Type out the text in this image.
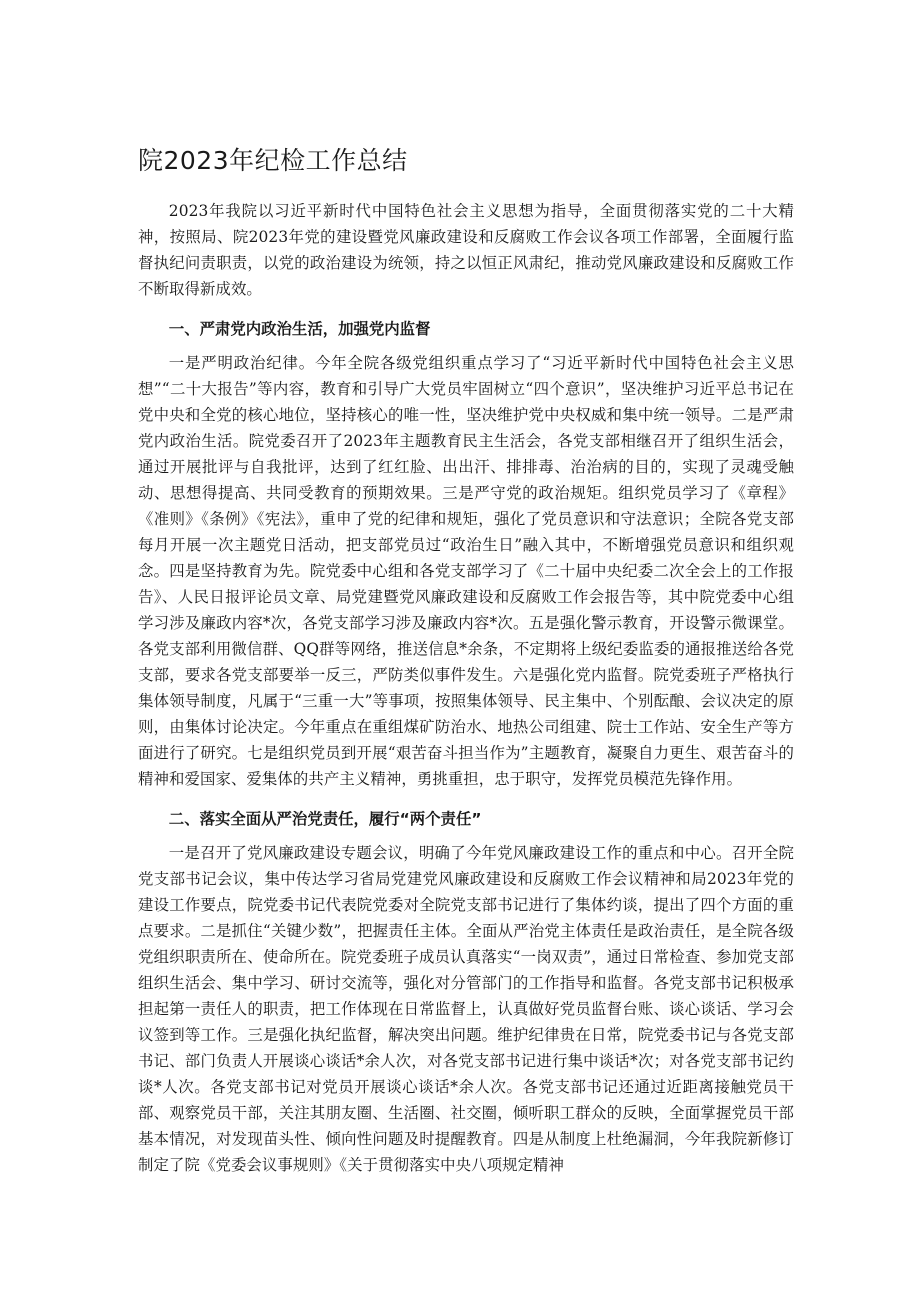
院2023年纪检工作总结

2023年我院以习近平新时代中国特色社会主义思想为指导，全面贯彻落实党的二十大精神，按照局、院2023年党的建设暨党风廉政建设和反腐败工作会议各项工作部署，全面履行监督执纪问责职责，以党的政治建设为统领，持之以恒正风肃纪，推动党风廉政建设和反腐败工作不断取得新成效。

一、严肃党内政治生活，加强党内监督

一是严明政治纪律。今年全院各级党组织重点学习了“习近平新时代中国特色社会主义思想”“二十大报告”等内容，教育和引导广大党员牢固树立“四个意识”，坚决维护习近平总书记在党中央和全党的核心地位，坚持核心的唯一性，坚决维护党中央权威和集中统一领导。二是严肃党内政治生活。院党委召开了2023年主题教育民主生活会，各党支部相继召开了组织生活会，通过开展批评与自我批评，达到了红红脸、出出汗、排排毒、治治病的目的，实现了灵魂受触动、思想得提高、共同受教育的预期效果。三是严守党的政治规矩。组织党员学习了《章程》《准则》《条例》《宪法》，重申了党的纪律和规矩，强化了党员意识和守法意识；全院各党支部每月开展一次主题党日活动，把支部党员过“政治生日”融入其中，不断增强党员意识和组织观念。四是坚持教育为先。院党委中心组和各党支部学习了《二十届中央纪委二次全会上的工作报告》、人民日报评论员文章、局党建暨党风廉政建设和反腐败工作会报告等，其中院党委中心组学习涉及廉政内容*次，各党支部学习涉及廉政内容*次。五是强化警示教育，开设警示微课堂。各党支部利用微信群、QQ群等网络，推送信息*余条，不定期将上级纪委监委的通报推送给各党支部，要求各党支部要举一反三，严防类似事件发生。六是强化党内监督。院党委班子严格执行集体领导制度，凡属于“三重一大”等事项，按照集体领导、民主集中、个别酝酿、会议决定的原则，由集体讨论决定。今年重点在重组煤矿防治水、地热公司组建、院士工作站、安全生产等方面进行了研究。七是组织党员到开展“艰苦奋斗担当作为”主题教育，凝聚自力更生、艰苦奋斗的精神和爱国家、爱集体的共产主义精神，勇挑重担，忠于职守，发挥党员模范先锋作用。

二、落实全面从严治党责任，履行“两个责任”

一是召开了党风廉政建设专题会议，明确了今年党风廉政建设工作的重点和中心。召开全院党支部书记会议，集中传达学习省局党建党风廉政建设和反腐败工作会议精神和局2023年党的建设工作要点，院党委书记代表院党委对全院党支部书记进行了集体约谈，提出了四个方面的重点要求。二是抓住“关键少数”，把握责任主体。全面从严治党主体责任是政治责任，是全院各级党组织职责所在、使命所在。院党委班子成员认真落实“一岗双责”，通过日常检查、参加党支部组织生活会、集中学习、研讨交流等，强化对分管部门的工作指导和监督。各党支部书记积极承担起第一责任人的职责，把工作体现在日常监督上，认真做好党员监督台账、谈心谈话、学习会议签到等工作。三是强化执纪监督，解决突出问题。维护纪律贵在日常，院党委书记与各党支部书记、部门负责人开展谈心谈话*余人次，对各党支部书记进行集中谈话*次；对各党支部书记约谈*人次。各党支部书记对党员开展谈心谈话*余人次。各党支部书记还通过近距离接触党员干部、观察党员干部，关注其朋友圈、生活圈、社交圈，倾听职工群众的反映，全面掌握党员干部基本情况，对发现苗头性、倾向性问题及时提醒教育。四是从制度上杜绝漏洞，今年我院新修订制定了院《党委会议事规则》《关于贯彻落实中央八项规定精神
